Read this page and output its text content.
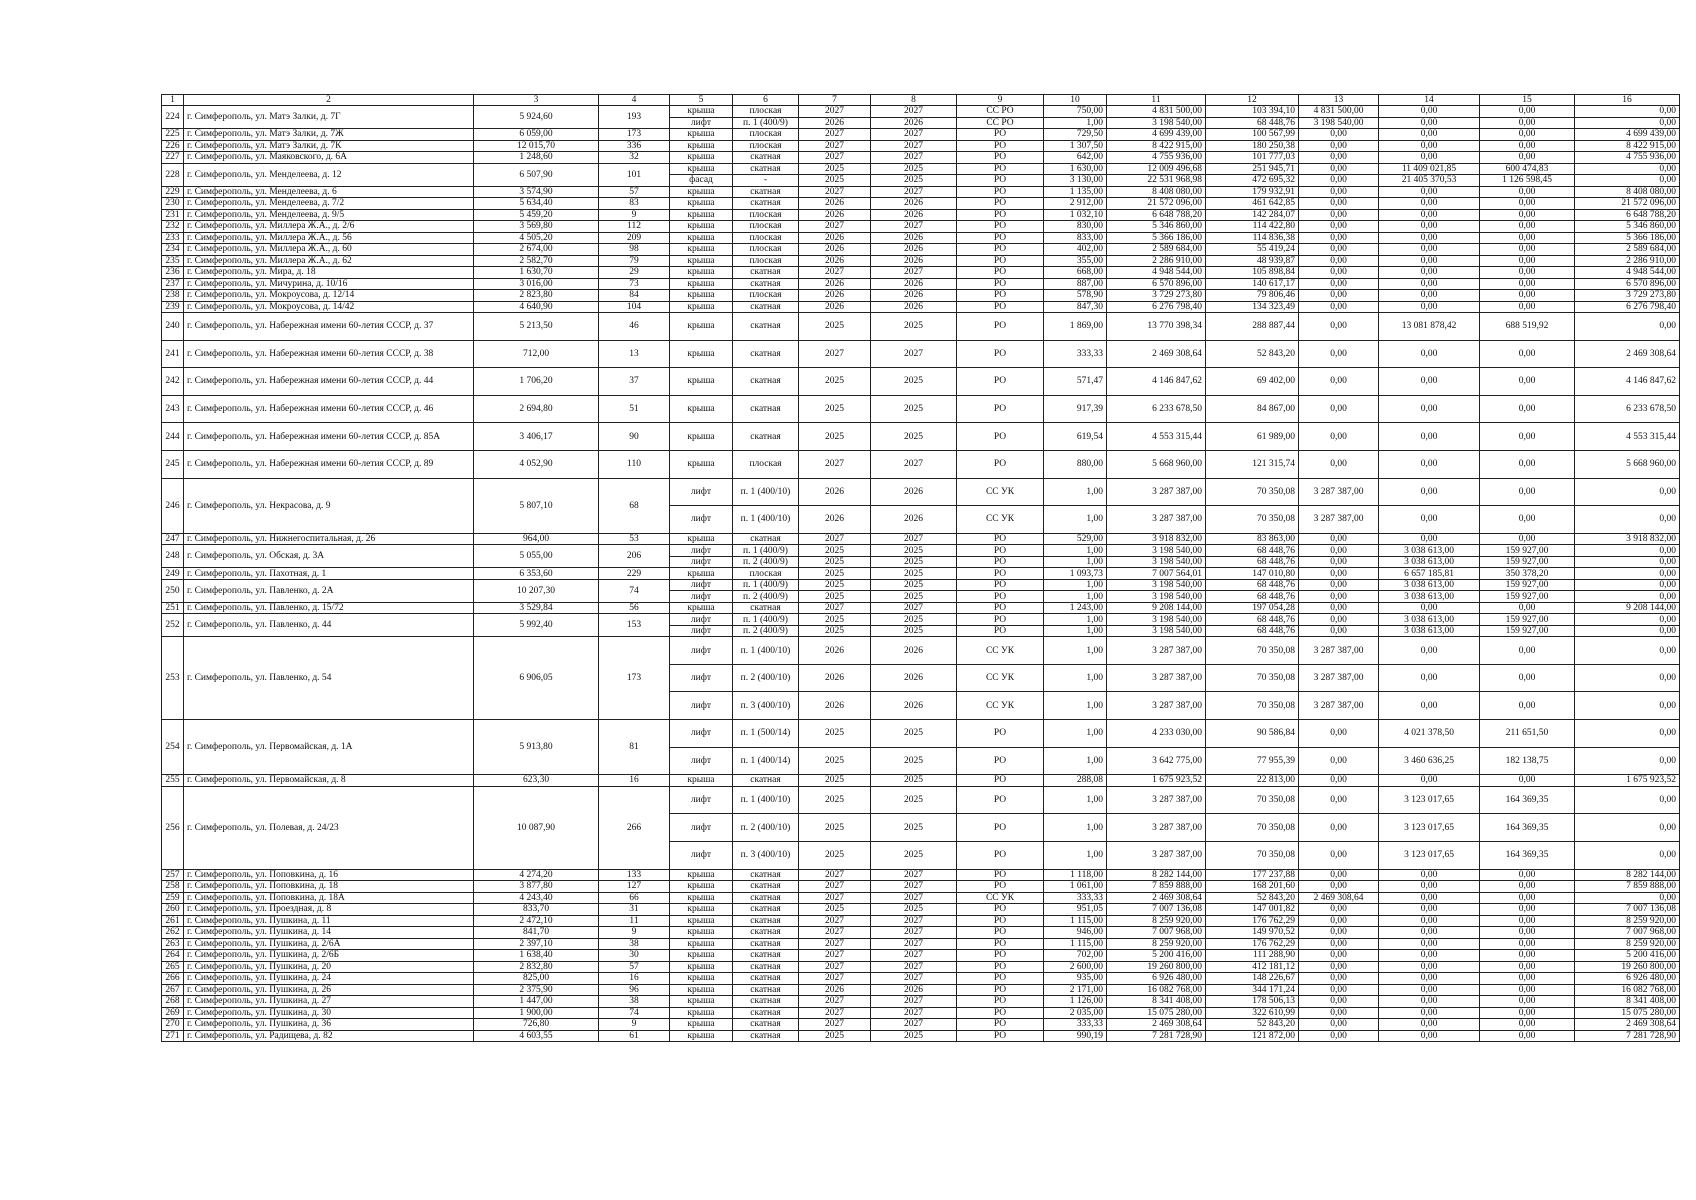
1	2	3	4	5	6	7	8	9	10	11	12	13	14	15	16
224	г. Симферополь, ул. Матэ Залки, д. 7Г	5 924,60	193	крыша	плоская	2027	2027	СС РО	750,00	4 831 500,00	103 394,10	4 831 500,00	0,00	0,00	0,00
				лифт	п. 1 (400/9)	2026	2026	СС РО	1,00	3 198 540,00	68 448,76	3 198 540,00	0,00	0,00	0,00
225	г. Симферополь, ул. Матэ Залки, д. 7Ж	6 059,00	173	крыша	плоская	2027	2027	РО	729,50	4 699 439,00	100 567,99	0,00	0,00	0,00	4 699 439,00
226	г. Симферополь, ул. Матэ Залки, д. 7К	12 015,70	336	крыша	плоская	2027	2027	РО	1 307,50	8 422 915,00	180 250,38	0,00	0,00	0,00	8 422 915,00
227	г. Симферополь, ул. Маяковского, д. 6А	1 248,60	32	крыша	скатная	2027	2027	РО	642,00	4 755 936,00	101 777,03	0,00	0,00	0,00	4 755 936,00
228	г. Симферополь, ул. Менделеева, д. 12	6 507,90	101	крыша	скатная	2025	2025	РО	1 630,00	12 009 496,68	251 945,71	0,00	11 409 021,85	600 474,83	0,00
				фасад	-	2025	2025	РО	3 130,00	22 531 968,98	472 695,32	0,00	21 405 370,53	1 126 598,45	0,00
229	г. Симферополь, ул. Менделеева, д. 6	3 574,90	57	крыша	скатная	2027	2027	РО	1 135,00	8 408 080,00	179 932,91	0,00	0,00	0,00	8 408 080,00
230	г. Симферополь, ул. Менделеева, д. 7/2	5 634,40	83	крыша	скатная	2026	2026	РО	2 912,00	21 572 096,00	461 642,85	0,00	0,00	0,00	21 572 096,00
231	г. Симферополь, ул. Менделеева, д. 9/5	5 459,20	9	крыша	плоская	2026	2026	РО	1 032,10	6 648 788,20	142 284,07	0,00	0,00	0,00	6 648 788,20
232	г. Симферополь, ул. Миллера Ж.А., д. 2/6	3 569,80	112	крыша	плоская	2027	2027	РО	830,00	5 346 860,00	114 422,80	0,00	0,00	0,00	5 346 860,00
233	г. Симферополь, ул. Миллера Ж.А., д. 56	4 505,20	209	крыша	плоская	2026	2026	РО	833,00	5 366 186,00	114 836,38	0,00	0,00	0,00	5 366 186,00
234	г. Симферополь, ул. Миллера Ж.А., д. 60	2 674,00	98	крыша	плоская	2026	2026	РО	402,00	2 589 684,00	55 419,24	0,00	0,00	0,00	2 589 684,00
235	г. Симферополь, ул. Миллера Ж.А., д. 62	2 582,70	79	крыша	плоская	2026	2026	РО	355,00	2 286 910,00	48 939,87	0,00	0,00	0,00	2 286 910,00
236	г. Симферополь, ул. Мира, д. 18	1 630,70	29	крыша	скатная	2027	2027	РО	668,00	4 948 544,00	105 898,84	0,00	0,00	0,00	4 948 544,00
237	г. Симферополь, ул. Мичурина, д. 10/16	3 016,00	73	крыша	скатная	2026	2026	РО	887,00	6 570 896,00	140 617,17	0,00	0,00	0,00	6 570 896,00
238	г. Симферополь, ул. Мокроусова, д. 12/14	2 823,80	84	крыша	плоская	2026	2026	РО	578,90	3 729 273,80	79 806,46	0,00	0,00	0,00	3 729 273,80
239	г. Симферополь, ул. Мокроусова, д. 14/42	4 640,90	104	крыша	скатная	2026	2026	РО	847,30	6 276 798,40	134 323,49	0,00	0,00	0,00	6 276 798,40
240	г. Симферополь, ул. Набережная имени 60-летия СССР, д. 37	5 213,50	46	крыша	скатная	2025	2025	РО	1 869,00	13 770 398,34	288 887,44	0,00	13 081 878,42	688 519,92	0,00
241	г. Симферополь, ул. Набережная имени 60-летия СССР, д. 38	712,00	13	крыша	скатная	2027	2027	РО	333,33	2 469 308,64	52 843,20	0,00	0,00	0,00	2 469 308,64
242	г. Симферополь, ул. Набережная имени 60-летия СССР, д. 44	1 706,20	37	крыша	скатная	2025	2025	РО	571,47	4 146 847,62	69 402,00	0,00	0,00	0,00	4 146 847,62
243	г. Симферополь, ул. Набережная имени 60-летия СССР, д. 46	2 694,80	51	крыша	скатная	2025	2025	РО	917,39	6 233 678,50	84 867,00	0,00	0,00	0,00	6 233 678,50
244	г. Симферополь, ул. Набережная имени 60-летия СССР, д. 85А	3 406,17	90	крыша	скатная	2025	2025	РО	619,54	4 553 315,44	61 989,00	0,00	0,00	0,00	4 553 315,44
245	г. Симферополь, ул. Набережная имени 60-летия СССР, д. 89	4 052,90	110	крыша	плоская	2027	2027	РО	880,00	5 668 960,00	121 315,74	0,00	0,00	0,00	5 668 960,00
246	г. Симферополь, ул. Некрасова, д. 9	5 807,10	68	лифт	п. 1 (400/10)	2026	2026	СС УК	1,00	3 287 387,00	70 350,08	3 287 387,00	0,00	0,00	0,00
				лифт	п. 1 (400/10)	2026	2026	СС УК	1,00	3 287 387,00	70 350,08	3 287 387,00	0,00	0,00	0,00
247	г. Симферополь, ул. Нижнегоспитальная, д. 26	964,00	53	крыша	скатная	2027	2027	РО	529,00	3 918 832,00	83 863,00	0,00	0,00	0,00	3 918 832,00
248	г. Симферополь, ул. Обская, д. 3А	5 055,00	206	лифт	п. 1 (400/9)	2025	2025	РО	1,00	3 198 540,00	68 448,76	0,00	3 038 613,00	159 927,00	0,00
				лифт	п. 2 (400/9)	2025	2025	РО	1,00	3 198 540,00	68 448,76	0,00	3 038 613,00	159 927,00	0,00
249	г. Симферополь, ул. Пахотная, д. 1	6 353,60	229	крыша	плоская	2025	2025	РО	1 093,73	7 007 564,01	147 010,80	0,00	6 657 185,81	350 378,20	0,00
250	г. Симферополь, ул. Павленко, д. 2А	10 207,30	74	лифт	п. 1 (400/9)	2025	2025	РО	1,00	3 198 540,00	68 448,76	0,00	3 038 613,00	159 927,00	0,00
				лифт	п. 2 (400/9)	2025	2025	РО	1,00	3 198 540,00	68 448,76	0,00	3 038 613,00	159 927,00	0,00
251	г. Симферополь, ул. Павленко, д. 15/72	3 529,84	56	крыша	скатная	2027	2027	РО	1 243,00	9 208 144,00	197 054,28	0,00	0,00	0,00	9 208 144,00
252	г. Симферополь, ул. Павленко, д. 44	5 992,40	153	лифт	п. 1 (400/9)	2025	2025	РО	1,00	3 198 540,00	68 448,76	0,00	3 038 613,00	159 927,00	0,00
				лифт	п. 2 (400/9)	2025	2025	РО	1,00	3 198 540,00	68 448,76	0,00	3 038 613,00	159 927,00	0,00
253	г. Симферополь, ул. Павленко, д. 54	6 906,05	173	лифт	п. 1 (400/10)	2026	2026	СС УК	1,00	3 287 387,00	70 350,08	3 287 387,00	0,00	0,00	0,00
				лифт	п. 2 (400/10)	2026	2026	СС УК	1,00	3 287 387,00	70 350,08	3 287 387,00	0,00	0,00	0,00
				лифт	п. 3 (400/10)	2026	2026	СС УК	1,00	3 287 387,00	70 350,08	3 287 387,00	0,00	0,00	0,00
254	г. Симферополь, ул. Первомайская, д. 1А	5 913,80	81	лифт	п. 1 (500/14)	2025	2025	РО	1,00	4 233 030,00	90 586,84	0,00	4 021 378,50	211 651,50	0,00
				лифт	п. 1 (400/14)	2025	2025	РО	1,00	3 642 775,00	77 955,39	0,00	3 460 636,25	182 138,75	0,00
255	г. Симферополь, ул. Первомайская, д. 8	623,30	16	крыша	скатная	2025	2025	РО	288,08	1 675 923,52	22 813,00	0,00	0,00	0,00	1 675 923,52
256	г. Симферополь, ул. Полевая, д. 24/23	10 087,90	266	лифт	п. 1 (400/10)	2025	2025	РО	1,00	3 287 387,00	70 350,08	0,00	3 123 017,65	164 369,35	0,00
				лифт	п. 2 (400/10)	2025	2025	РО	1,00	3 287 387,00	70 350,08	0,00	3 123 017,65	164 369,35	0,00
				лифт	п. 3 (400/10)	2025	2025	РО	1,00	3 287 387,00	70 350,08	0,00	3 123 017,65	164 369,35	0,00
257	г. Симферополь, ул. Поповкина, д. 16	4 274,20	133	крыша	скатная	2027	2027	РО	1 118,00	8 282 144,00	177 237,88	0,00	0,00	0,00	8 282 144,00
258	г. Симферополь, ул. Поповкина, д. 18	3 877,80	127	крыша	скатная	2027	2027	РО	1 061,00	7 859 888,00	168 201,60	0,00	0,00	0,00	7 859 888,00
259	г. Симферополь, ул. Поповкина, д. 18А	4 243,40	66	крыша	скатная	2027	2027	СС УК	333,33	2 469 308,64	52 843,20	2 469 308,64	0,00	0,00	0,00
260	г. Симферополь, ул. Проездная, д. 8	833,70	31	крыша	скатная	2025	2025	РО	951,05	7 007 136,08	147 001,82	0,00	0,00	0,00	7 007 136,08
261	г. Симферополь, ул. Пушкина, д. 11	2 472,10	11	крыша	скатная	2027	2027	РО	1 115,00	8 259 920,00	176 762,29	0,00	0,00	0,00	8 259 920,00
262	г. Симферополь, ул. Пушкина, д. 14	841,70	9	крыша	скатная	2027	2027	РО	946,00	7 007 968,00	149 970,52	0,00	0,00	0,00	7 007 968,00
263	г. Симферополь, ул. Пушкина, д. 2/6А	2 397,10	38	крыша	скатная	2027	2027	РО	1 115,00	8 259 920,00	176 762,29	0,00	0,00	0,00	8 259 920,00
264	г. Симферополь, ул. Пушкина, д. 2/6Б	1 638,40	30	крыша	скатная	2027	2027	РО	702,00	5 200 416,00	111 288,90	0,00	0,00	0,00	5 200 416,00
265	г. Симферополь, ул. Пушкина, д. 20	2 832,80	57	крыша	скатная	2027	2027	РО	2 600,00	19 260 800,00	412 181,12	0,00	0,00	0,00	19 260 800,00
266	г. Симферополь, ул. Пушкина, д. 24	825,00	16	крыша	скатная	2027	2027	РО	935,00	6 926 480,00	148 226,67	0,00	0,00	0,00	6 926 480,00
267	г. Симферополь, ул. Пушкина, д. 26	2 375,90	96	крыша	скатная	2026	2026	РО	2 171,00	16 082 768,00	344 171,24	0,00	0,00	0,00	16 082 768,00
268	г. Симферополь, ул. Пушкина, д. 27	1 447,00	38	крыша	скатная	2027	2027	РО	1 126,00	8 341 408,00	178 506,13	0,00	0,00	0,00	8 341 408,00
269	г. Симферополь, ул. Пушкина, д. 30	1 900,00	74	крыша	скатная	2027	2027	РО	2 035,00	15 075 280,00	322 610,99	0,00	0,00	0,00	15 075 280,00
270	г. Симферополь, ул. Пушкина, д. 36	726,80	9	крыша	скатная	2027	2027	РО	333,33	2 469 308,64	52 843,20	0,00	0,00	0,00	2 469 308,64
271	г. Симферополь, ул. Радищева, д. 82	4 603,55	61	крыша	скатная	2025	2025	РО	990,19	7 281 728,90	121 872,00	0,00	0,00	0,00	7 281 728,90
